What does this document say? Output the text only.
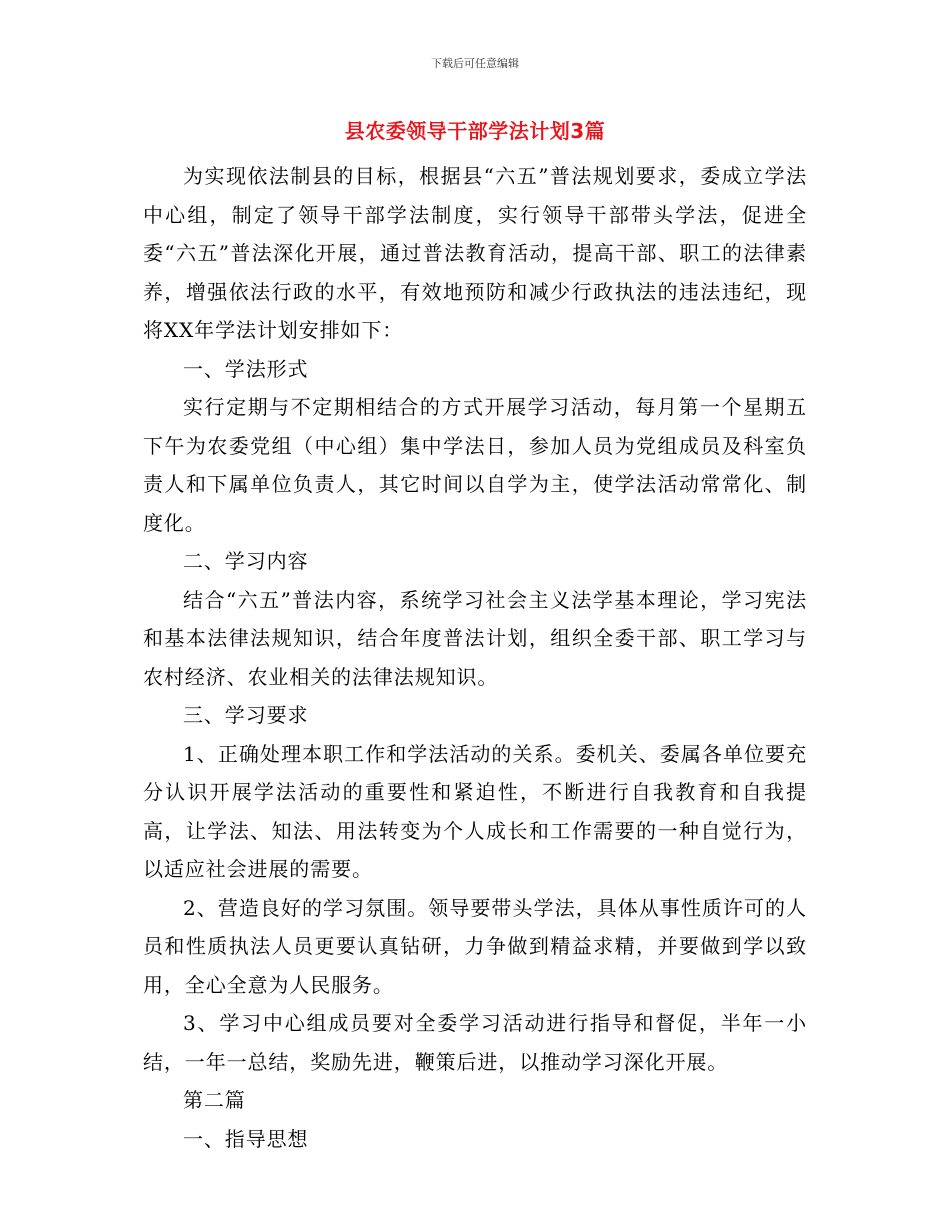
下载后可任意编辑
县农委领导干部学法计划3篇

为实现依法制县的目标，根据县“六五”普法规划要求，委成立学法中心组，制定了领导干部学法制度，实行领导干部带头学法，促进全委“六五”普法深化开展，通过普法教育活动，提高干部、职工的法律素养，增强依法行政的水平，有效地预防和减少行政执法的违法违纪，现将XX年学法计划安排如下：

一、学法形式

实行定期与不定期相结合的方式开展学习活动，每月第一个星期五下午为农委党组（中心组）集中学法日，参加人员为党组成员及科室负责人和下属单位负责人，其它时间以自学为主，使学法活动常常化、制度化。

二、学习内容

结合“六五”普法内容，系统学习社会主义法学基本理论，学习宪法和基本法律法规知识，结合年度普法计划，组织全委干部、职工学习与农村经济、农业相关的法律法规知识。

三、学习要求

1、正确处理本职工作和学法活动的关系。委机关、委属各单位要充分认识开展学法活动的重要性和紧迫性，不断进行自我教育和自我提高，让学法、知法、用法转变为个人成长和工作需要的一种自觉行为，以适应社会进展的需要。

2、营造良好的学习氛围。领导要带头学法，具体从事性质许可的人员和性质执法人员更要认真钻研，力争做到精益求精，并要做到学以致用，全心全意为人民服务。

3、学习中心组成员要对全委学习活动进行指导和督促，半年一小结，一年一总结，奖励先进，鞭策后进，以推动学习深化开展。

第二篇

一、指导思想
